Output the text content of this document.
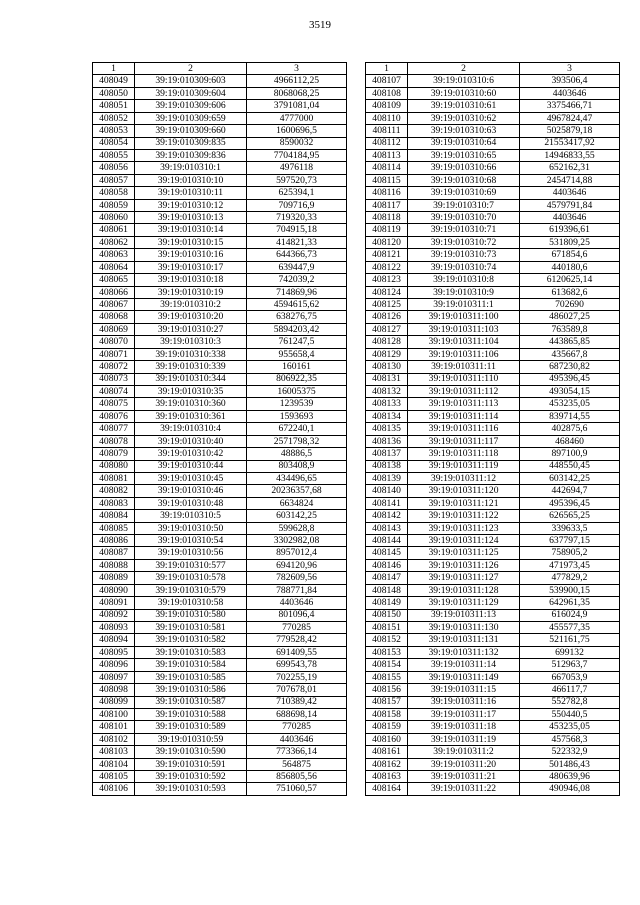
3519
1	2	3
408049	39:19:010309:603	4966112,25
408050	39:19:010309:604	8068068,25
408051	39:19:010309:606	3791081,04
408052	39:19:010309:659	4777000
408053	39:19:010309:660	1600696,5
408054	39:19:010309:835	8590032
408055	39:19:010309:836	7704184,95
408056	39:19:010310:1	4976118
408057	39:19:010310:10	597520,73
408058	39:19:010310:11	625394,1
408059	39:19:010310:12	709716,9
408060	39:19:010310:13	719320,33
408061	39:19:010310:14	704915,18
408062	39:19:010310:15	414821,33
408063	39:19:010310:16	644366,73
408064	39:19:010310:17	639447,9
408065	39:19:010310:18	742039,2
408066	39:19:010310:19	714869,96
408067	39:19:010310:2	4594615,62
408068	39:19:010310:20	638276,75
408069	39:19:010310:27	5894203,42
408070	39:19:010310:3	761247,5
408071	39:19:010310:338	955658,4
408072	39:19:010310:339	160161
408073	39:19:010310:344	806922,35
408074	39:19:010310:35	16005375
408075	39:19:010310:360	1239539
408076	39:19:010310:361	1593693
408077	39:19:010310:4	672240,1
408078	39:19:010310:40	2571798,32
408079	39:19:010310:42	48886,5
408080	39:19:010310:44	803408,9
408081	39:19:010310:45	434496,65
408082	39:19:010310:46	20236357,68
408083	39:19:010310:48	6634824
408084	39:19:010310:5	603142,25
408085	39:19:010310:50	599628,8
408086	39:19:010310:54	3302982,08
408087	39:19:010310:56	8957012,4
408088	39:19:010310:577	694120,96
408089	39:19:010310:578	782609,56
408090	39:19:010310:579	788771,84
408091	39:19:010310:58	4403646
408092	39:19:010310:580	801096,4
408093	39:19:010310:581	770285
408094	39:19:010310:582	779528,42
408095	39:19:010310:583	691409,55
408096	39:19:010310:584	699543,78
408097	39:19:010310:585	702255,19
408098	39:19:010310:586	707678,01
408099	39:19:010310:587	710389,42
408100	39:19:010310:588	688698,14
408101	39:19:010310:589	770285
408102	39:19:010310:59	4403646
408103	39:19:010310:590	773366,14
408104	39:19:010310:591	564875
408105	39:19:010310:592	856805,56
408106	39:19:010310:593	751060,57
1	2	3
408107	39:19:010310:6	393506,4
408108	39:19:010310:60	4403646
408109	39:19:010310:61	3375466,71
408110	39:19:010310:62	4967824,47
408111	39:19:010310:63	5025879,18
408112	39:19:010310:64	21553417,92
408113	39:19:010310:65	14946833,55
408114	39:19:010310:66	652162,31
408115	39:19:010310:68	2454714,88
408116	39:19:010310:69	4403646
408117	39:19:010310:7	4579791,84
408118	39:19:010310:70	4403646
408119	39:19:010310:71	619396,61
408120	39:19:010310:72	531809,25
408121	39:19:010310:73	671854,6
408122	39:19:010310:74	440180,6
408123	39:19:010310:8	6120625,14
408124	39:19:010310:9	613682,6
408125	39:19:010311:1	702690
408126	39:19:010311:100	486027,25
408127	39:19:010311:103	763589,8
408128	39:19:010311:104	443865,85
408129	39:19:010311:106	435667,8
408130	39:19:010311:11	687230,82
408131	39:19:010311:110	495396,45
408132	39:19:010311:112	493054,15
408133	39:19:010311:113	453235,05
408134	39:19:010311:114	839714,55
408135	39:19:010311:116	402875,6
408136	39:19:010311:117	468460
408137	39:19:010311:118	897100,9
408138	39:19:010311:119	448550,45
408139	39:19:010311:12	603142,25
408140	39:19:010311:120	442694,7
408141	39:19:010311:121	495396,45
408142	39:19:010311:122	626565,25
408143	39:19:010311:123	339633,5
408144	39:19:010311:124	637797,15
408145	39:19:010311:125	758905,2
408146	39:19:010311:126	471973,45
408147	39:19:010311:127	477829,2
408148	39:19:010311:128	539900,15
408149	39:19:010311:129	642961,35
408150	39:19:010311:13	616024,9
408151	39:19:010311:130	455577,35
408152	39:19:010311:131	521161,75
408153	39:19:010311:132	699132
408154	39:19:010311:14	512963,7
408155	39:19:010311:149	667053,9
408156	39:19:010311:15	466117,7
408157	39:19:010311:16	552782,8
408158	39:19:010311:17	550440,5
408159	39:19:010311:18	453235,05
408160	39:19:010311:19	457568,3
408161	39:19:010311:2	522332,9
408162	39:19:010311:20	501486,43
408163	39:19:010311:21	480639,96
408164	39:19:010311:22	490946,08
